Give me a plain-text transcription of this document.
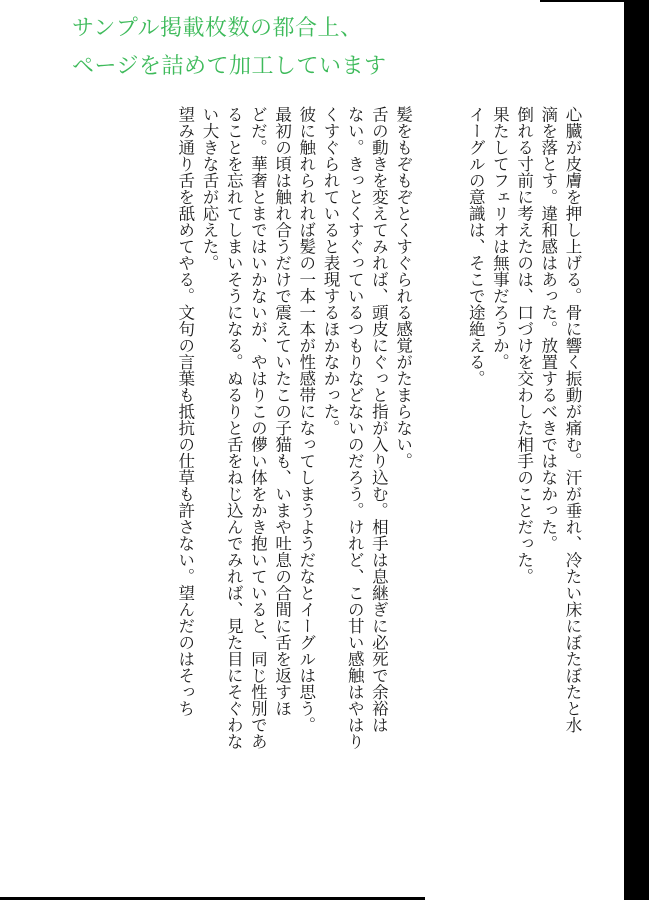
サンプル掲載枚数の都合上、
ページを詰めて加工しています

心臓が皮膚を押し上げる。骨に響く振動が痛む。汗が垂れ、冷たい床にぼたぼたと水

滴を落とす。違和感はあった。放置するべきではなかった。

倒れる寸前に考えたのは、口づけを交わした相手のことだった。

果たしてフェリオは無事だろうか。

イーグルの意識は、そこで途絶える。

髪をもぞもぞとくすぐられる感覚がたまらない。

舌の動きを変えてみれば、頭皮にぐっと指が入り込む。相手は息継ぎに必死で余裕は

ない。きっとくすぐっているつもりなどないのだろう。けれど、この甘い感触はやはり

くすぐられていると表現するほかなかった。

彼に触れられれば髪の一本一本が性感帯になってしまうようだなとイーグルは思う。

最初の頃は触れ合うだけで震えていたこの子猫も、いまや吐息の合間に舌を返すほ

どだ。華奢とまではいかないが、やはりこの儚い体をかき抱いていると、同じ性別であ

ることを忘れてしまいそうになる。ぬるりと舌をねじ込んでみれば、見た目にそぐわな

い大きな舌が応えた。

望み通り舌を舐めてやる。文句の言葉も抵抗の仕草も許さない。望んだのはそっち
